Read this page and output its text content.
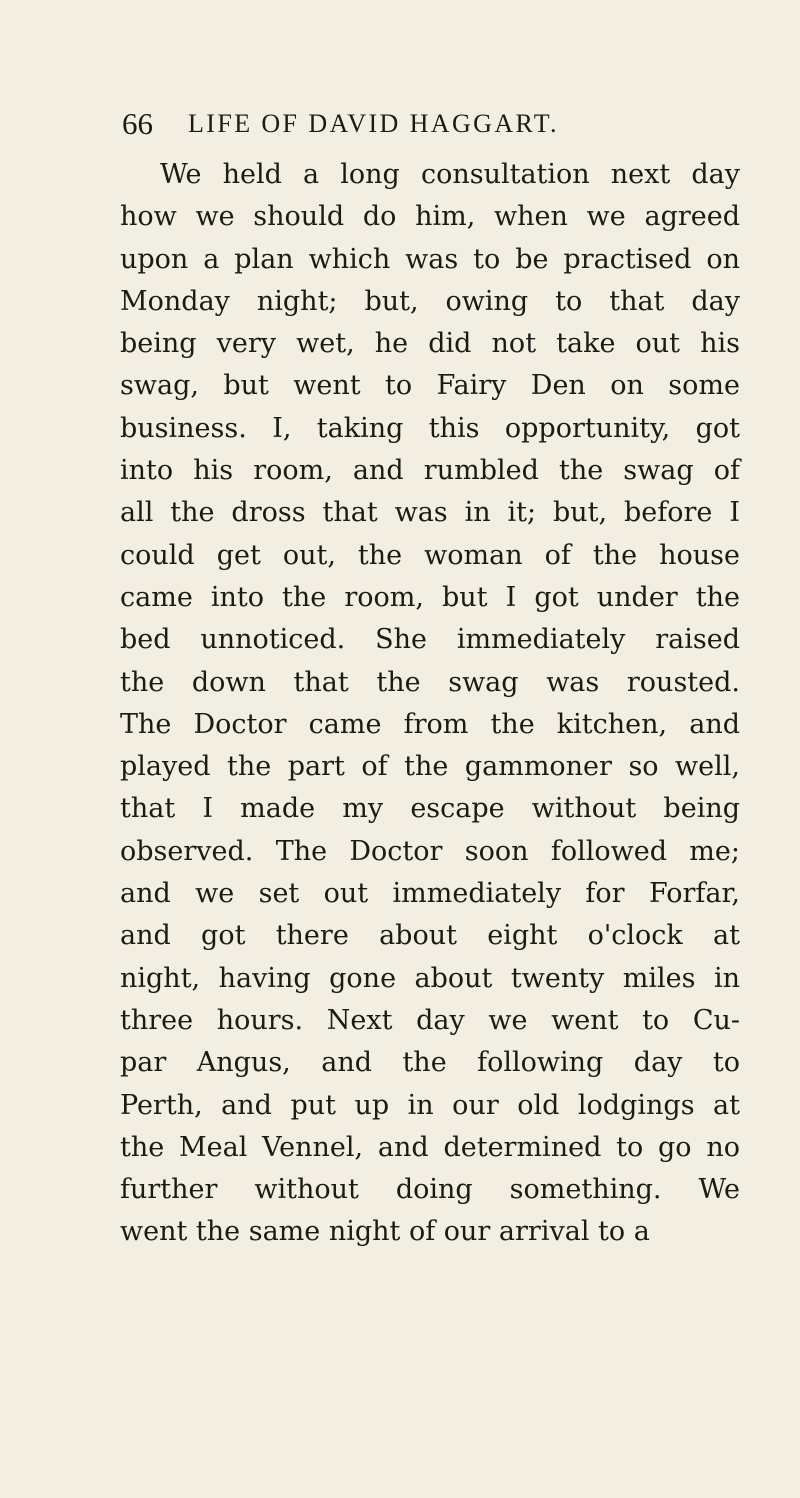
66 LIFE OF DAVID HAGGART.
We held a long consultation next day
how we should do him, when we agreed
upon a plan which was to be practised on
Monday night; but, owing to that day
being very wet, he did not take out his
swag, but went to Fairy Den on some
business. I, taking this opportunity, got
into his room, and rumbled the swag of
all the dross that was in it; but, before I
could get out, the woman of the house
came into the room, but I got under the
bed unnoticed. She immediately raised
the down that the swag was rousted.
The Doctor came from the kitchen, and
played the part of the gammoner so well,
that I made my escape without being
observed. The Doctor soon followed me;
and we set out immediately for Forfar,
and got there about eight o'clock at
night, having gone about twenty miles in
three hours. Next day we went to Cu-
par Angus, and the following day to
Perth, and put up in our old lodgings at
the Meal Vennel, and determined to go no
further without doing something. We
went the same night of our arrival to a
